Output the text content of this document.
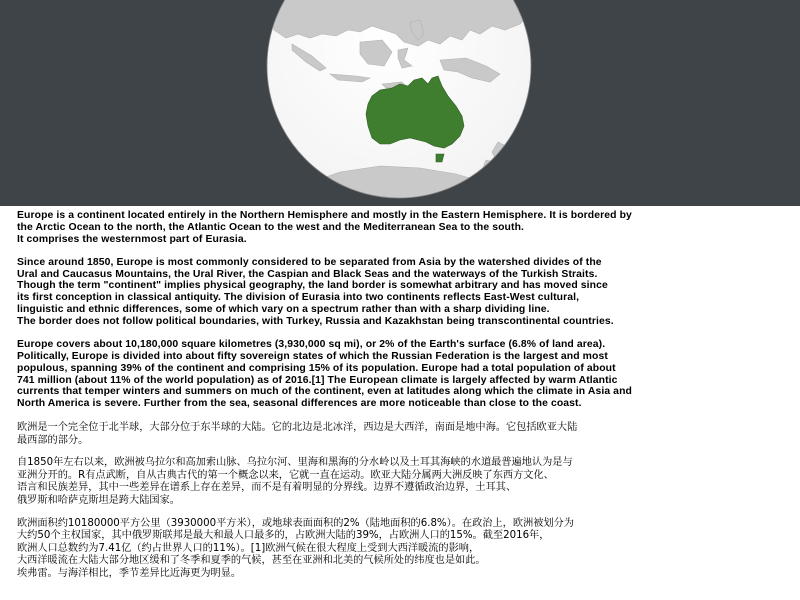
Europe is a continent located entirely in the Northern Hemisphere and mostly in the Eastern Hemisphere. It is bordered by
the Arctic Ocean to the north, the Atlantic Ocean to the west and the Mediterranean Sea to the south.
It comprises the westernmost part of Eurasia.

Since around 1850, Europe is most commonly considered to be separated from Asia by the watershed divides of the
Ural and Caucasus Mountains, the Ural River, the Caspian and Black Seas and the waterways of the Turkish Straits.
Though the term "continent" implies physical geography, the land border is somewhat arbitrary and has moved since
its first conception in classical antiquity. The division of Eurasia into two continents reflects East-West cultural,
linguistic and ethnic differences, some of which vary on a spectrum rather than with a sharp dividing line.
The border does not follow political boundaries, with Turkey, Russia and Kazakhstan being transcontinental countries.

Europe covers about 10,180,000 square kilometres (3,930,000 sq mi), or 2% of the Earth's surface (6.8% of land area).
Politically, Europe is divided into about fifty sovereign states of which the Russian Federation is the largest and most
populous, spanning 39% of the continent and comprising 15% of its population. Europe had a total population of about
741 million (about 11% of the world population) as of 2016.[1] The European climate is largely affected by warm Atlantic
currents that temper winters and summers on much of the continent, even at latitudes along which the climate in Asia and
North America is severe. Further from the sea, seasonal differences are more noticeable than close to the coast.

欧洲是一个完全位于北半球，大部分位于东半球的大陆。它的北边是北冰洋，西边是大西洋，南面是地中海。它包括欧亚大陆
最西部的部分。

自1850年左右以来，欧洲被乌拉尔和高加索山脉、乌拉尔河、里海和黑海的分水岭以及土耳其海峡的水道最普遍地认为是与
亚洲分开的。R有点武断，自从古典古代的第一个概念以来，它就一直在运动。欧亚大陆分属两大洲反映了东西方文化、
语言和民族差异，其中一些差异在谱系上存在差异，而不是有着明显的分界线。边界不遵循政治边界，土耳其、
俄罗斯和哈萨克斯坦是跨大陆国家。

欧洲面积约10180000平方公里（3930000平方米），或地球表面面积的2%（陆地面积的6.8%）。在政治上，欧洲被划分为
大约50个主权国家，其中俄罗斯联邦是最大和最人口最多的，占欧洲大陆的39%，占欧洲人口的15%。截至2016年，
欧洲人口总数约为7.41亿（约占世界人口的11%）。[1]欧洲气候在很大程度上受到大西洋暖流的影响，
大西洋暖流在大陆大部分地区缓和了冬季和夏季的气候，甚至在亚洲和北美的气候所处的纬度也是如此。
埃弗雷。与海洋相比，季节差异比近海更为明显。
